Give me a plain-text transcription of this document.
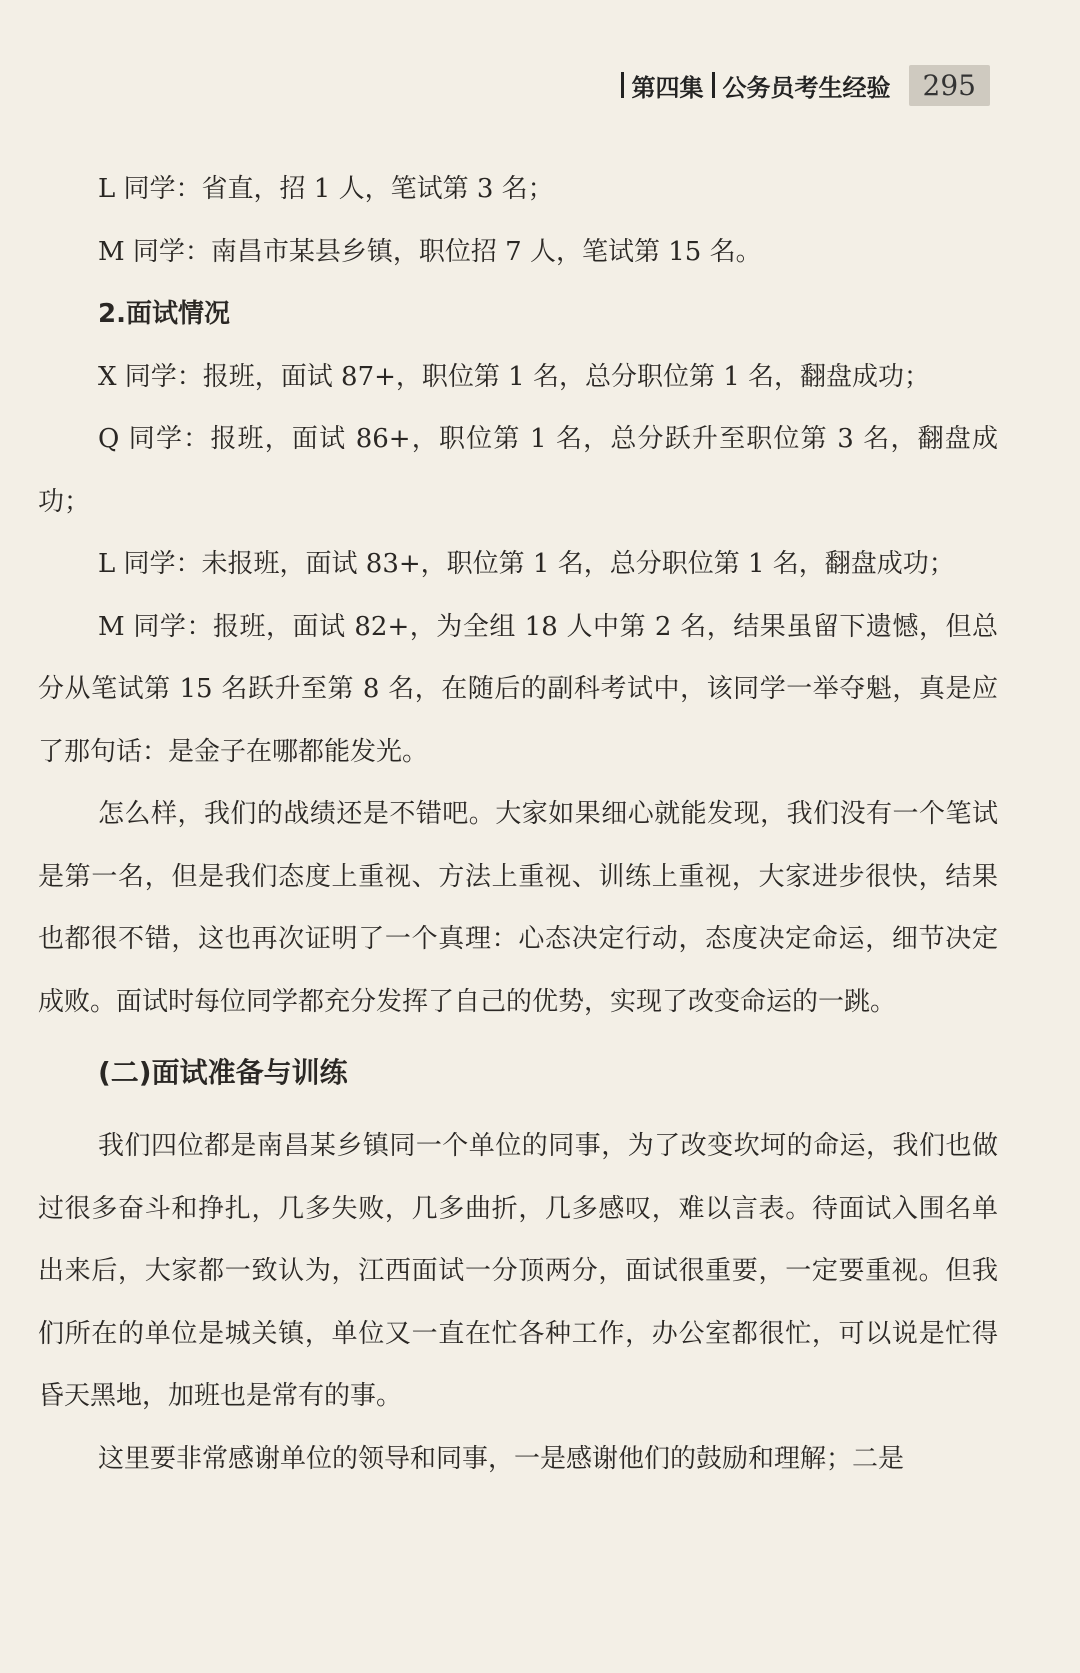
第四集 公务员考生经验	295

L 同学：省直，招 1 人，笔试第 3 名；

M 同学：南昌市某县乡镇，职位招 7 人，笔试第 15 名。

2.面试情况

X 同学：报班，面试 87+，职位第 1 名，总分职位第 1 名，翻盘成功；

Q 同学：报班，面试 86+，职位第 1 名，总分跃升至职位第 3 名，翻盘成功；

L 同学：未报班，面试 83+，职位第 1 名，总分职位第 1 名，翻盘成功；

M 同学：报班，面试 82+，为全组 18 人中第 2 名，结果虽留下遗憾，但总分从笔试第 15 名跃升至第 8 名，在随后的副科考试中，该同学一举夺魁，真是应了那句话：是金子在哪都能发光。

怎么样，我们的战绩还是不错吧。大家如果细心就能发现，我们没有一个笔试是第一名，但是我们态度上重视、方法上重视、训练上重视，大家进步很快，结果也都很不错，这也再次证明了一个真理：心态决定行动，态度决定命运，细节决定成败。面试时每位同学都充分发挥了自己的优势，实现了改变命运的一跳。

(二)面试准备与训练

我们四位都是南昌某乡镇同一个单位的同事，为了改变坎坷的命运，我们也做过很多奋斗和挣扎，几多失败，几多曲折，几多感叹，难以言表。待面试入围名单出来后，大家都一致认为，江西面试一分顶两分，面试很重要，一定要重视。但我们所在的单位是城关镇，单位又一直在忙各种工作，办公室都很忙，可以说是忙得昏天黑地，加班也是常有的事。

这里要非常感谢单位的领导和同事，一是感谢他们的鼓励和理解；二是
